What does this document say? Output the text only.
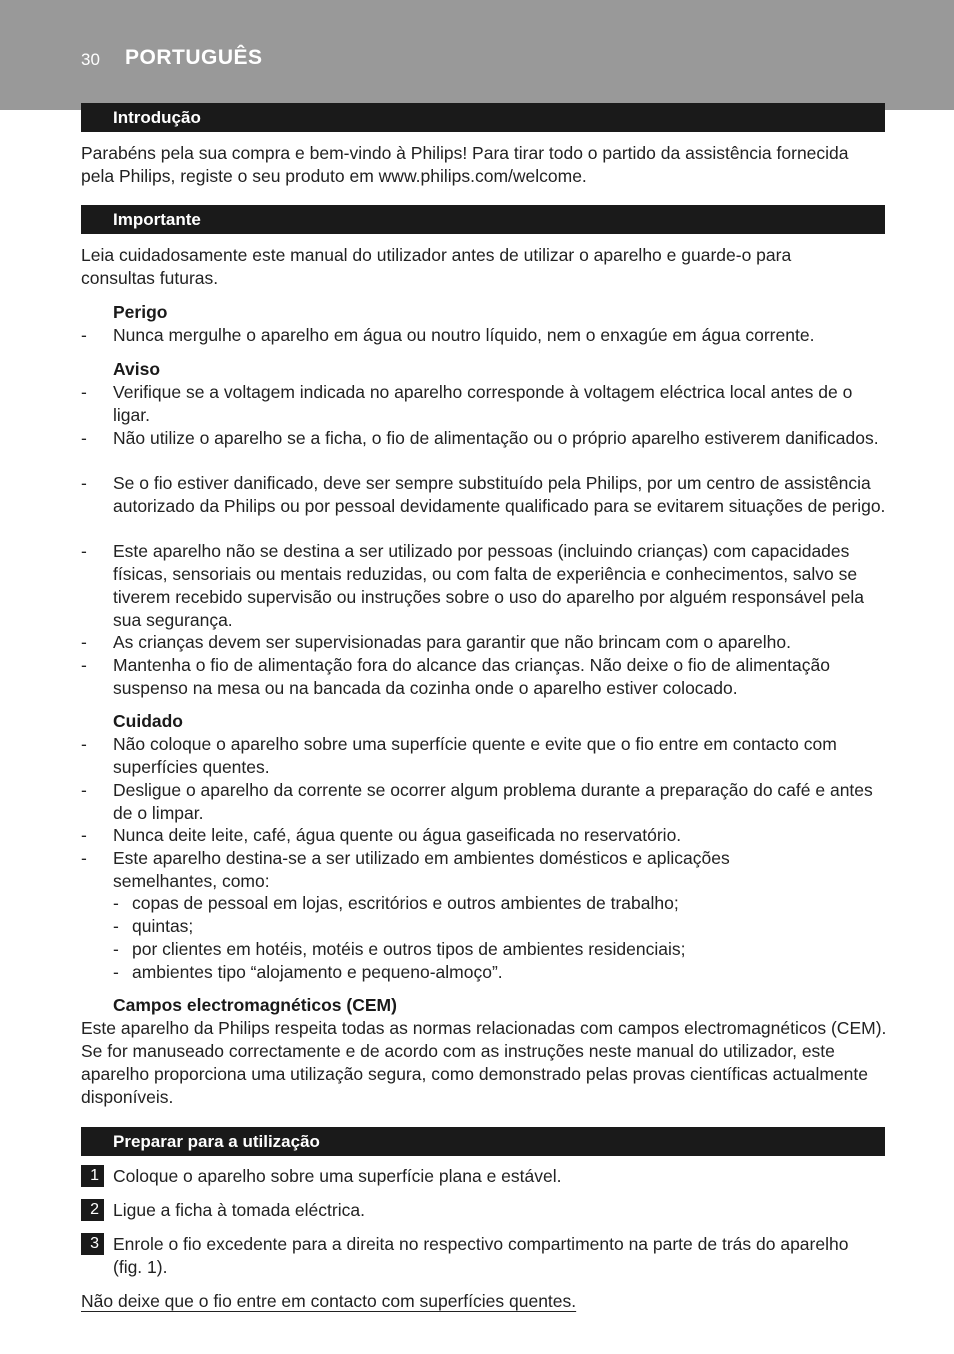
30 PORTUGUÊS
Introdução
Parabéns pela sua compra e bem-vindo à Philips! Para tirar todo o partido da assistência fornecida pela Philips, registe o seu produto em www.philips.com/welcome.
Importante
Leia cuidadosamente este manual do utilizador antes de utilizar o aparelho e guarde-o para consultas futuras.
Perigo
- Nunca mergulhe o aparelho em água ou noutro líquido, nem o enxagúe em água corrente.
Aviso
- Verifique se a voltagem indicada no aparelho corresponde à voltagem eléctrica local antes de o ligar.
- Não utilize o aparelho se a ficha, o fio de alimentação ou o próprio aparelho estiverem danificados.
- Se o fio estiver danificado, deve ser sempre substituído pela Philips, por um centro de assistência autorizado da Philips ou por pessoal devidamente qualificado para se evitarem situações de perigo.
- Este aparelho não se destina a ser utilizado por pessoas (incluindo crianças) com capacidades físicas, sensoriais ou mentais reduzidas, ou com falta de experiência e conhecimentos, salvo se tiverem recebido supervisão ou instruções sobre o uso do aparelho por alguém responsável pela sua segurança.
- As crianças devem ser supervisionadas para garantir que não brincam com o aparelho.
- Mantenha o fio de alimentação fora do alcance das crianças. Não deixe o fio de alimentação suspenso na mesa ou na bancada da cozinha onde o aparelho estiver colocado.
Cuidado
- Não coloque o aparelho sobre uma superfície quente e evite que o fio entre em contacto com superfícies quentes.
- Desligue o aparelho da corrente se ocorrer algum problema durante a preparação do café e antes de o limpar.
- Nunca deite leite, café, água quente ou água gaseificada no reservatório.
- Este aparelho destina-se a ser utilizado em ambientes domésticos e aplicações semelhantes, como:
- copas de pessoal em lojas, escritórios e outros ambientes de trabalho;
- quintas;
- por clientes em hotéis, motéis e outros tipos de ambientes residenciais;
- ambientes tipo “alojamento e pequeno-almoço”.
Campos electromagnéticos (CEM)
Este aparelho da Philips respeita todas as normas relacionadas com campos electromagnéticos (CEM). Se for manuseado correctamente e de acordo com as instruções neste manual do utilizador, este aparelho proporciona uma utilização segura, como demonstrado pelas provas científicas actualmente disponíveis.
Preparar para a utilização
1 Coloque o aparelho sobre uma superfície plana e estável.
2 Ligue a ficha à tomada eléctrica.
3 Enrole o fio excedente para a direita no respectivo compartimento na parte de trás do aparelho (fig. 1).
Não deixe que o fio entre em contacto com superfícies quentes.
